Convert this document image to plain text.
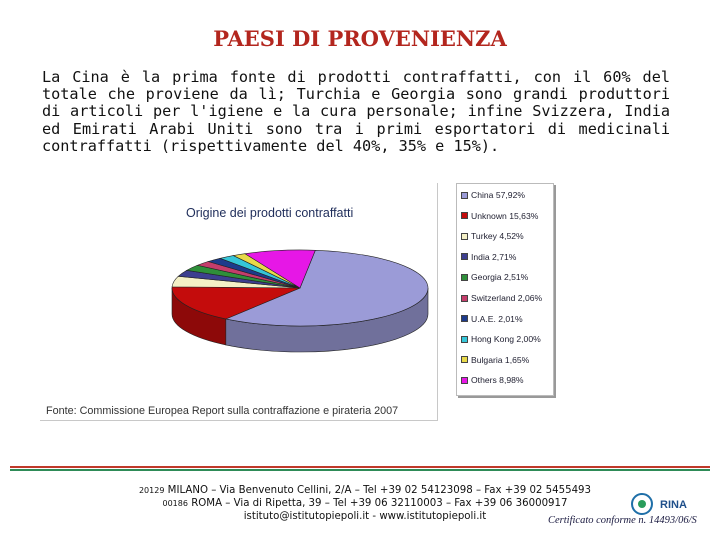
PAESI DI PROVENIENZA
La Cina è la prima fonte di prodotti contraffatti, con il 60% del totale che proviene da lì; Turchia e Georgia sono grandi produttori di articoli per l'igiene e la cura personale; infine Svizzera, India ed Emirati Arabi Uniti sono tra i primi esportatori di medicinali contraffatti (rispettivamente del 40%, 35% e 15%).
Origine dei prodotti contraffatti
China 57,92%
Unknown 15,63%
Turkey 4,52%
India 2,71%
Georgia 2,51%
Switzerland 2,06%
U.A.E. 2,01%
Hong Kong 2,00%
Bulgaria 1,65%
Others 8,98%
Fonte: Commissione Europea Report sulla contraffazione e pirateria 2007
20129 MILANO – Via Benvenuto Cellini, 2/A – Tel +39 02 54123098 – Fax +39 02 5455493
00186 ROMA – Via di Ripetta, 39 – Tel +39 06 32110003 – Fax +39 06 36000917
istituto@istitutopiepoli.it - www.istitutopiepoli.it
RINA
Certificato conforme n. 14493/06/S
